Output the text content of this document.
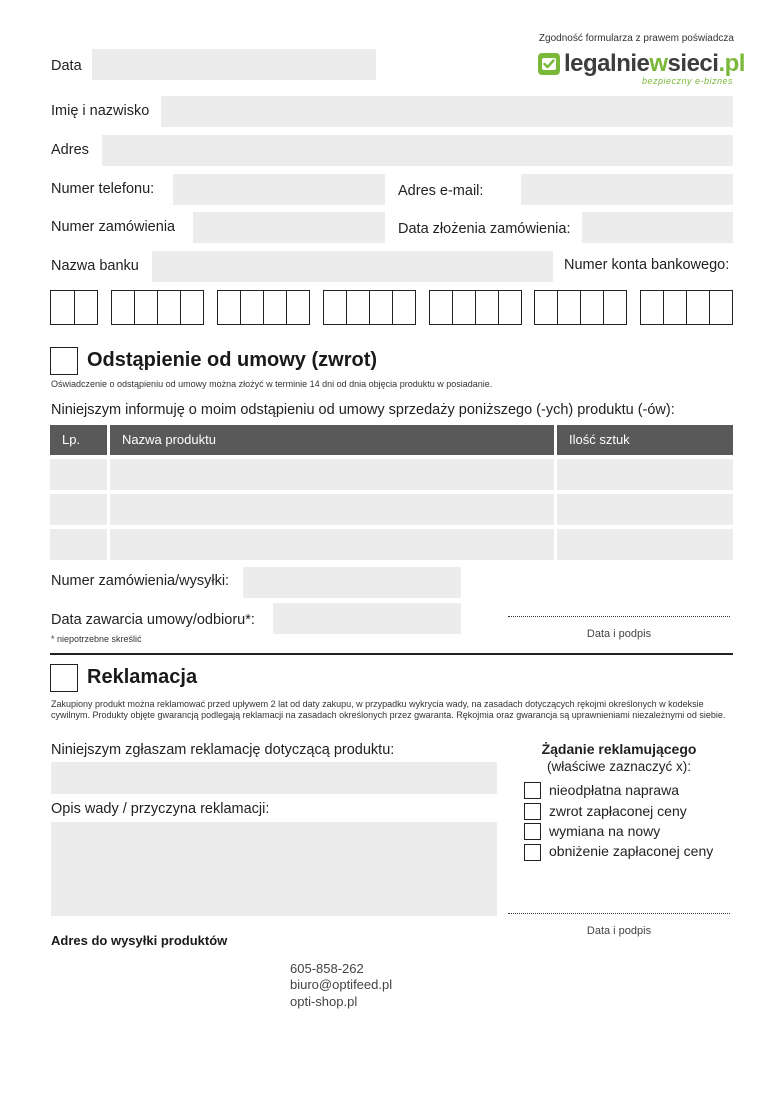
Zgodność formularza z prawem poświadcza
legalniewsieci.pl
bezpieczny e-biznes
Data
Imię i nazwisko
Adres
Numer telefonu:	Adres e-mail:
Numer zamówienia	Data złożenia zamówienia:
Nazwa banku	Numer konta bankowego:
Odstąpienie od umowy (zwrot)
Oświadczenie o odstąpieniu od umowy można złożyć w terminie 14 dni od dnia objęcia produktu w posiadanie.
Niniejszym informuję o moim odstąpieniu od umowy sprzedaży poniższego (-ych) produktu (-ów):
Lp.	Nazwa produktu	Ilość sztuk
Numer zamówienia/wysyłki:
Data zawarcia umowy/odbioru*:
* niepotrzebne skreślić	Data i podpis
Reklamacja
Zakupiony produkt można reklamować przed upływem 2 lat od daty zakupu, w przypadku wykrycia wady, na zasadach dotyczących rękojmi określonych w kodeksie cywilnym. Produkty objęte gwarancją podlegają reklamacji na zasadach określonych przez gwaranta. Rękojmia oraz gwarancja są uprawnieniami niezależnymi od siebie.
Niniejszym zgłaszam reklamację dotyczącą produktu:
Opis wady / przyczyna reklamacji:
Żądanie reklamującego
(właściwe zaznaczyć x):
nieodpłatna naprawa
zwrot zapłaconej ceny
wymiana na nowy
obniżenie zapłaconej ceny
Data i podpis
Adres do wysyłki produktów
605-858-262
biuro@optifeed.pl
opti-shop.pl
